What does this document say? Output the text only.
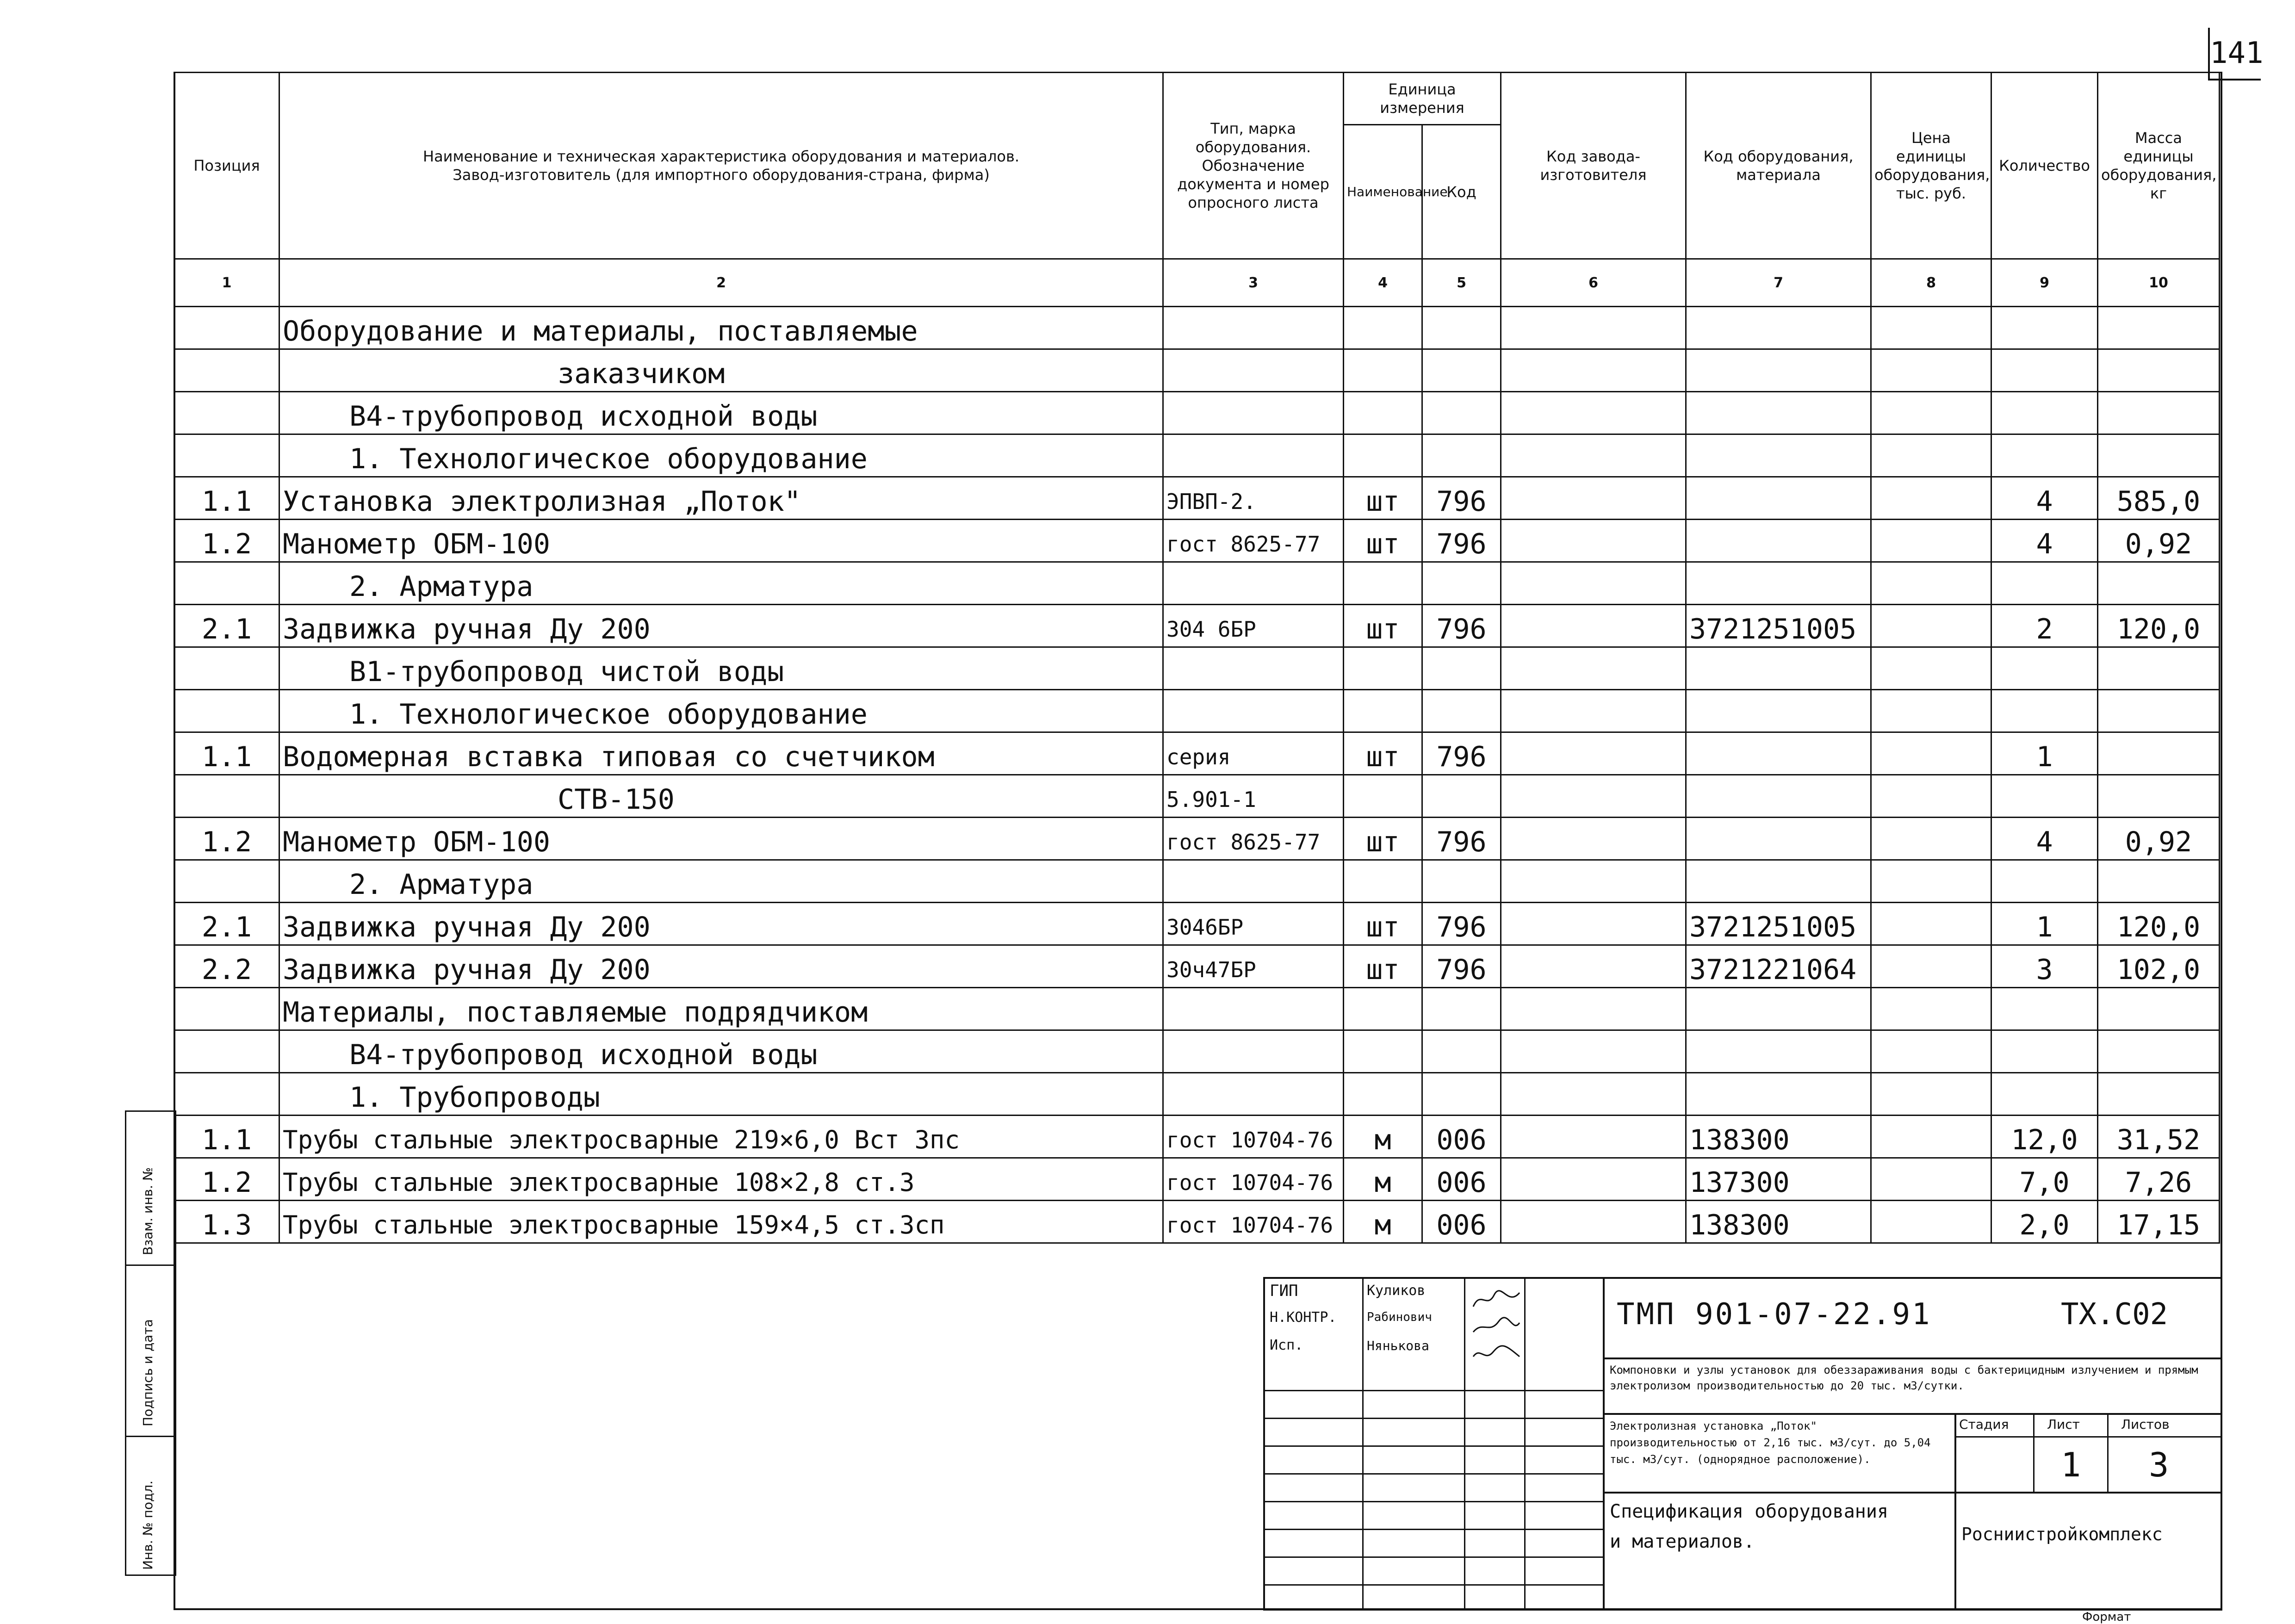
141
Позиция	Наименование и техническая характеристика оборудования и материалов.
Завод-изготовитель (для импортного оборудования-страна, фирма)	Тип, марка оборудования. Обозначение документа и номер опросного листа	Единица измерения		Код завода-изготовителя	Код оборудования, материала	Цена единицы оборудования, тыс. руб.	Количество	Масса единицы оборудования, кг
			Наименование	Код					
1	2	3	4	5	6	7	8	9	10
	Оборудование и материалы, поставляемые								
	заказчиком								
	В4-трубопровод исходной воды								
	1. Технологическое оборудование								
1.1	Установка электролизная „Поток"	ЭПВП-2.	шт	796				4	585,0
1.2	Манометр ОБМ-100	гост 8625-77	шт	796				4	0,92
	2. Арматура								
2.1	Задвижка ручная Ду 200	304 6БР	шт	796		3721251005		2	120,0
	В1-трубопровод чистой воды								
	1. Технологическое оборудование								
1.1	Водомерная вставка типовая со счетчиком	серия	шт	796				1	
	СТВ-150	5.901-1							
1.2	Манометр ОБМ-100	гост 8625-77	шт	796				4	0,92
	2. Арматура								
2.1	Задвижка ручная Ду 200	3046БР	шт	796		3721251005		1	120,0
2.2	Задвижка ручная Ду 200	30ч47БР	шт	796		3721221064		3	102,0
	Материалы, поставляемые подрядчиком								
	В4-трубопровод исходной воды								
	1. Трубопроводы								
1.1	Трубы стальные электросварные 219×6,0 Вст 3пс	гост 10704-76	м	006		138300		12,0	31,52
1.2	Трубы стальные электросварные 108×2,8 ст.3	гост 10704-76	м	006		137300		7,0	7,26
1.3	Трубы стальные электросварные 159×4,5 ст.3сп	гост 10704-76	м	006		138300		2,0	17,15
Взам. инв. №
Подпись и дата
Инв. № подл.
ГИП
Н.КОНТР.
Исп.
Куликов
Рабинович
Нянькова
ТМП 901-07-22.91	ТХ.С02
Компоновки и узлы установок для обеззараживания воды с бактерицидным излучением и прямым электролизом производительностью до 20 тыс. м3/сутки.
Электролизная установка „Поток" производительностью от 2,16 тыс. м3/сут. до 5,04 тыс. м3/сут. (однорядное расположение).
Спецификация оборудования
и материалов.
Стадия	Лист	Листов
1 3
Росниистройкомплекс
Формат
